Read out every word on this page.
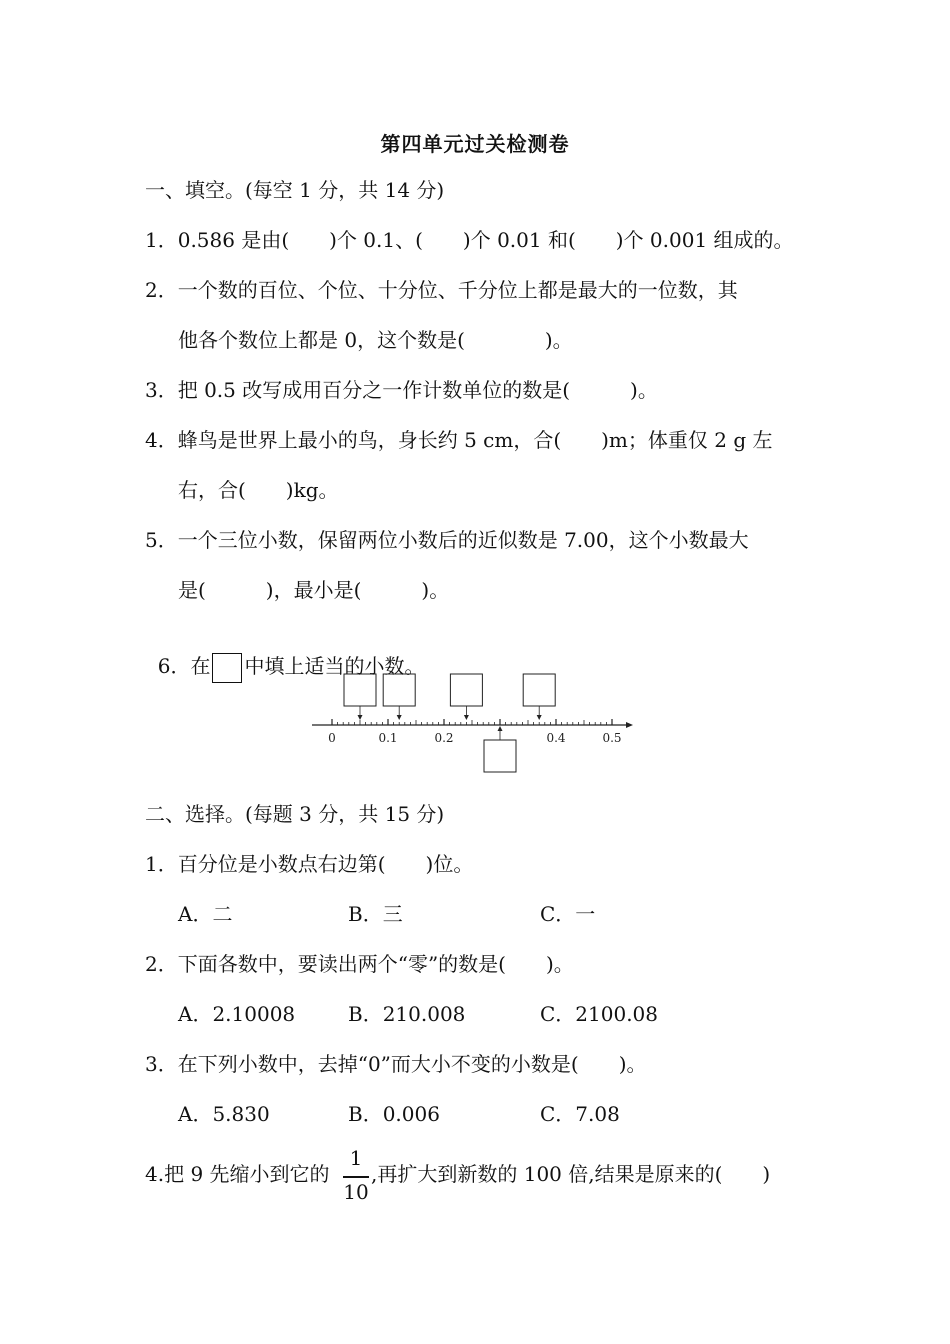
第四单元过关检测卷
一、填空。(每空 1 分，共 14 分)
1．0.586 是由(　　)个 0.1、(　　)个 0.01 和(　　)个 0.001 组成的。
2．一个数的百位、个位、十分位、千分位上都是最大的一位数，其
他各个数位上都是 0，这个数是(　　　　)。
3．把 0.5 改写成用百分之一作计数单位的数是(　　　)。
4．蜂鸟是世界上最小的鸟，身长约 5 cm，合(　　)m；体重仅 2 g 左
右，合(　　)kg。
5．一个三位小数，保留两位小数后的近似数是 7.00，这个小数最大
是(　　　)，最小是(　　　)。

6．在 中填上适当的小数。

0	0.1	0.2	0.4	0.5
二、选择。(每题 3 分，共 15 分)
1．百分位是小数点右边第(　　)位。
A．二	B．三	C．一
2．下面各数中，要读出两个“零”的数是(　　)。
A．2.10008	B．210.008	C．2100.08
3．在下列小数中，去掉“0”而大小不变的小数是(　　)。
A．5.830	B．0.006	C．7.08
4.把 9 先缩小到它的
1
10
,再扩大到新数的 100 倍,结果是原来的(　　)
